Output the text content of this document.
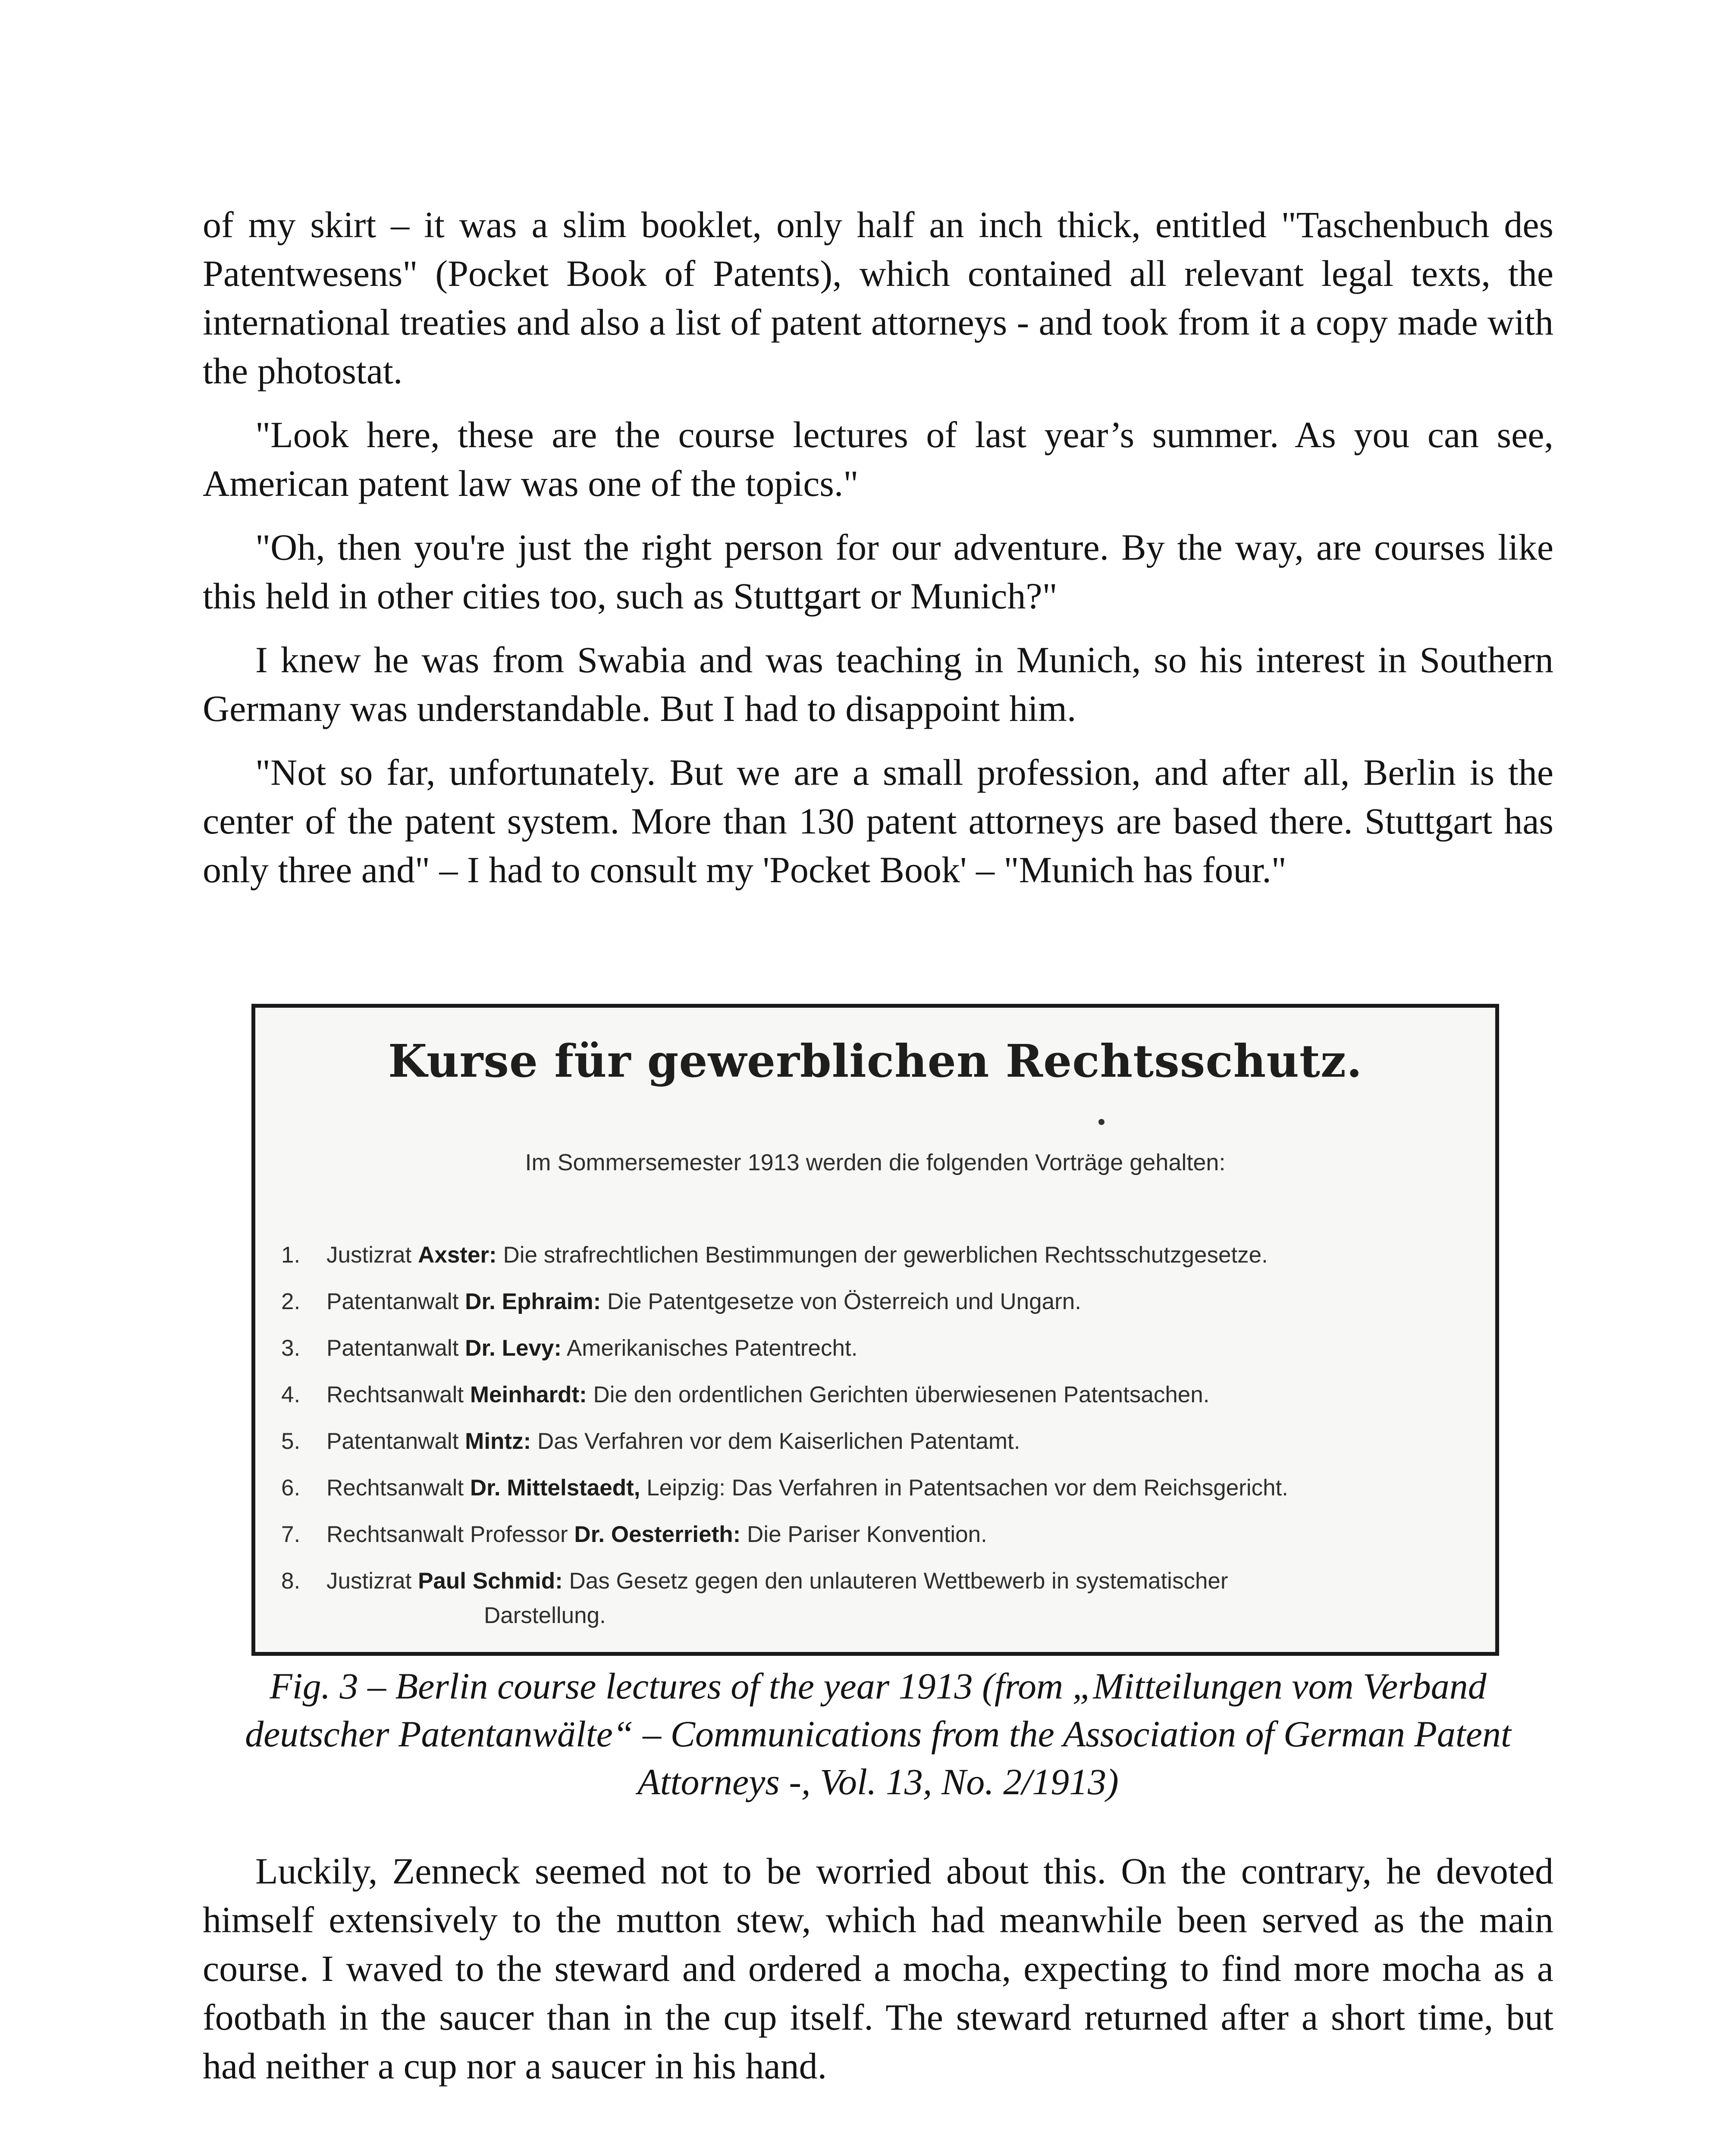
of my skirt – it was a slim booklet, only half an inch thick, entitled "Taschenbuch des Patentwesens" (Pocket Book of Patents), which contained all relevant legal texts, the international treaties and also a list of patent attorneys - and took from it a copy made with the photostat.

"Look here, these are the course lectures of last year’s summer. As you can see, American patent law was one of the topics."

"Oh, then you're just the right person for our adventure. By the way, are courses like this held in other cities too, such as Stuttgart or Munich?"

I knew he was from Swabia and was teaching in Munich, so his interest in Southern Germany was understandable. But I had to disappoint him.

"Not so far, unfortunately. But we are a small profession, and after all, Berlin is the center of the patent system. More than 130 patent attorneys are based there. Stuttgart has only three and" – I had to consult my 'Pocket Book' – "Munich has four."

Kurse für gewerblichen Rechtsschutz.
Im Sommersemester 1913 werden die folgenden Vorträge gehalten:
1. Justizrat Axster: Die strafrechtlichen Bestimmungen der gewerblichen Rechtsschutzgesetze.
2. Patentanwalt Dr. Ephraim: Die Patentgesetze von Österreich und Ungarn.
3. Patentanwalt Dr. Levy: Amerikanisches Patentrecht.
4. Rechtsanwalt Meinhardt: Die den ordentlichen Gerichten überwiesenen Patentsachen.
5. Patentanwalt Mintz: Das Verfahren vor dem Kaiserlichen Patentamt.
6. Rechtsanwalt Dr. Mittelstaedt, Leipzig: Das Verfahren in Patentsachen vor dem Reichsgericht.
7. Rechtsanwalt Professor Dr. Oesterrieth: Die Pariser Konvention.
8. Justizrat Paul Schmid: Das Gesetz gegen den unlauteren Wettbewerb in systematischer
Darstellung.
Fig. 3 – Berlin course lectures of the year 1913 (from „Mitteilungen vom Verband deutscher Patentanwälte“ – Communications from the Association of German Patent Attorneys -, Vol. 13, No. 2/1913)

Luckily, Zenneck seemed not to be worried about this. On the contrary, he devoted himself extensively to the mutton stew, which had meanwhile been served as the main course. I waved to the steward and ordered a mocha, expecting to find more mocha as a footbath in the saucer than in the cup itself. The steward returned after a short time, but had neither a cup nor a saucer in his hand.
